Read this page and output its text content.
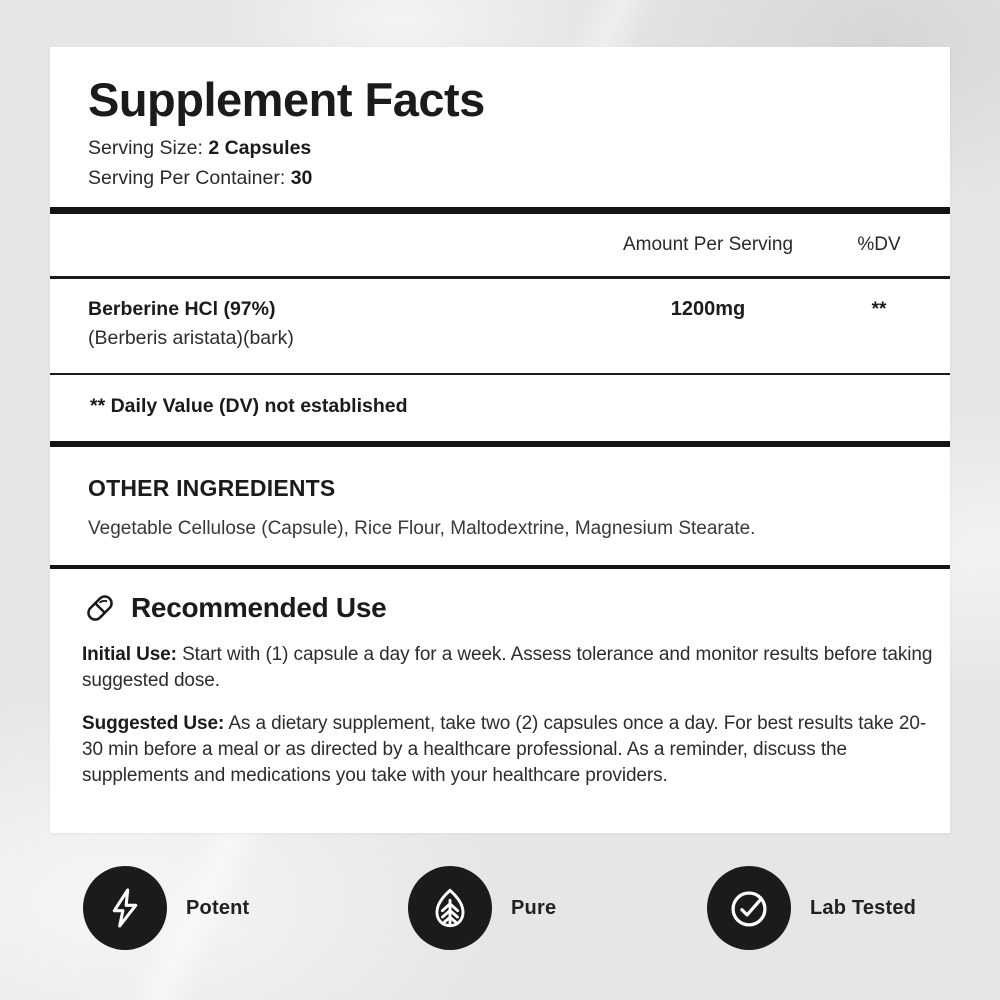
Supplement Facts
Serving Size: 2 Capsules
Serving Per Container: 30
Amount Per Serving	%DV
Berberine HCl (97%)
(Berberis aristata)(bark)
1200mg	**
** Daily Value (DV) not established
OTHER INGREDIENTS
Vegetable Cellulose (Capsule), Rice Flour, Maltodextrine, Magnesium Stearate.
Recommended Use

Initial Use: Start with (1) capsule a day for a week. Assess tolerance and monitor results before taking suggested dose.

Suggested Use: As a dietary supplement, take two (2) capsules once a day. For best results take 20-30 min before a meal or as directed by a healthcare professional. As a reminder, discuss the supplements and medications you take with your healthcare providers.

Potent	Pure	Lab Tested
